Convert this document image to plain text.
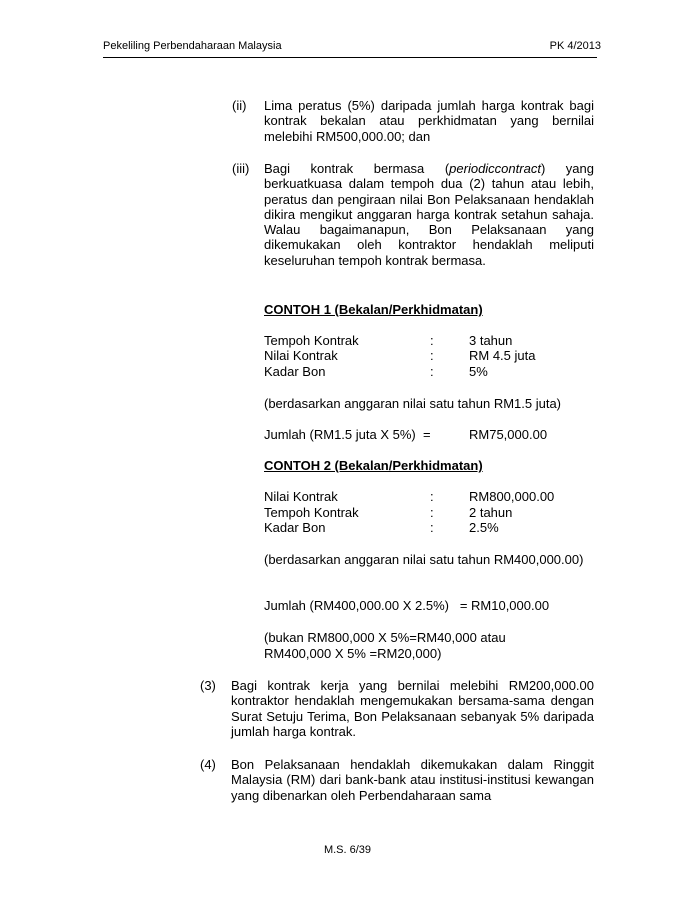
Pekeliling Perbendaharaan Malaysia	PK 4/2013
(ii) Lima peratus (5%) daripada jumlah harga kontrak bagi kontrak bekalan atau perkhidmatan yang bernilai melebihi RM500,000.00; dan
(iii) Bagi kontrak bermasa (periodiccontract) yang berkuatkuasa dalam tempoh dua (2) tahun atau lebih, peratus dan pengiraan nilai Bon Pelaksanaan hendaklah dikira mengikut anggaran harga kontrak setahun sahaja. Walau bagaimanapun, Bon Pelaksanaan yang dikemukakan oleh kontraktor hendaklah meliputi keseluruhan tempoh kontrak bermasa.
CONTOH 1 (Bekalan/Perkhidmatan)
Tempoh Kontrak	:	3 tahun
Nilai Kontrak	:	RM 4.5 juta
Kadar Bon	:	5%
(berdasarkan anggaran nilai satu tahun RM1.5 juta)
Jumlah (RM1.5 juta X 5%)  =	RM75,000.00
CONTOH 2 (Bekalan/Perkhidmatan)
Nilai Kontrak	:	RM800,000.00
Tempoh Kontrak	:	2 tahun
Kadar Bon	:	2.5%
(berdasarkan anggaran nilai satu tahun RM400,000.00)
Jumlah (RM400,000.00 X 2.5%)   = RM10,000.00
(bukan RM800,000 X 5%=RM40,000 atau
RM400,000 X 5% =RM20,000)
(3) Bagi kontrak kerja yang bernilai melebihi RM200,000.00 kontraktor hendaklah mengemukakan bersama-sama dengan Surat Setuju Terima, Bon Pelaksanaan sebanyak 5% daripada jumlah harga kontrak.
(4) Bon Pelaksanaan hendaklah dikemukakan dalam Ringgit Malaysia (RM) dari bank-bank atau institusi-institusi kewangan yang dibenarkan oleh Perbendaharaan sama
M.S. 6/39
